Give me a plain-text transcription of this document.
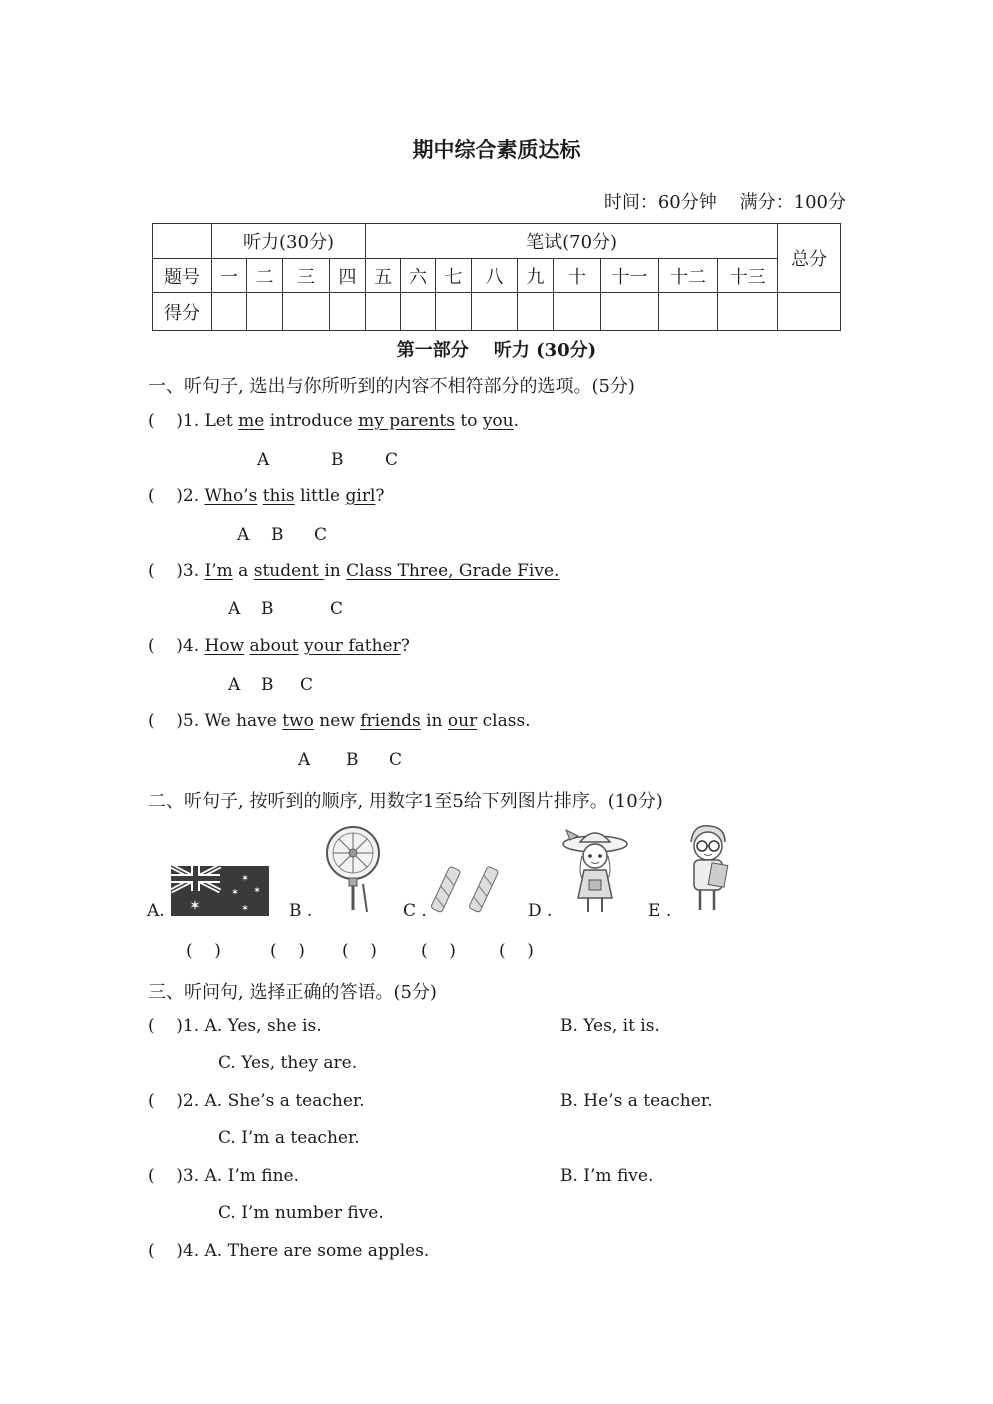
期中综合素质达标
时间：60分钟    满分：100分
	听力(30分)				笔试(70分)									总分
题号	一	二	三	四	五	六	七	八	九	十	十一	十二	十三	
得分														
第一部分    听力 (30分)
一、听句子, 选出与你所听到的内容不相符部分的选项。(5分)
(    )1. Let me introduce my parents to you.
A	B C
(    )2. Who’s this little girl?
A B C
(    )3. I’m a student in Class Three, Grade Five.
A B	C
(    )4. How about your father?
A B C
(    )5. We have two new friends in our class.
A B C
二、听句子, 按听到的顺序, 用数字1至5给下列图片排序。(10分)
A. ✶
✶
✶ ✶
✶ B .	C .	D .	E .
(    )	(    ) (    )	(    )	(    )
三、听问句, 选择正确的答语。(5分)
(    )1. A. Yes, she is.	B. Yes, it is.
C. Yes, they are.
(    )2. A. She’s a teacher.	B. He’s a teacher.
C. I’m a teacher.
(    )3. A. I’m fine.	B. I’m five.
C. I’m number five.
(    )4. A. There are some apples.
